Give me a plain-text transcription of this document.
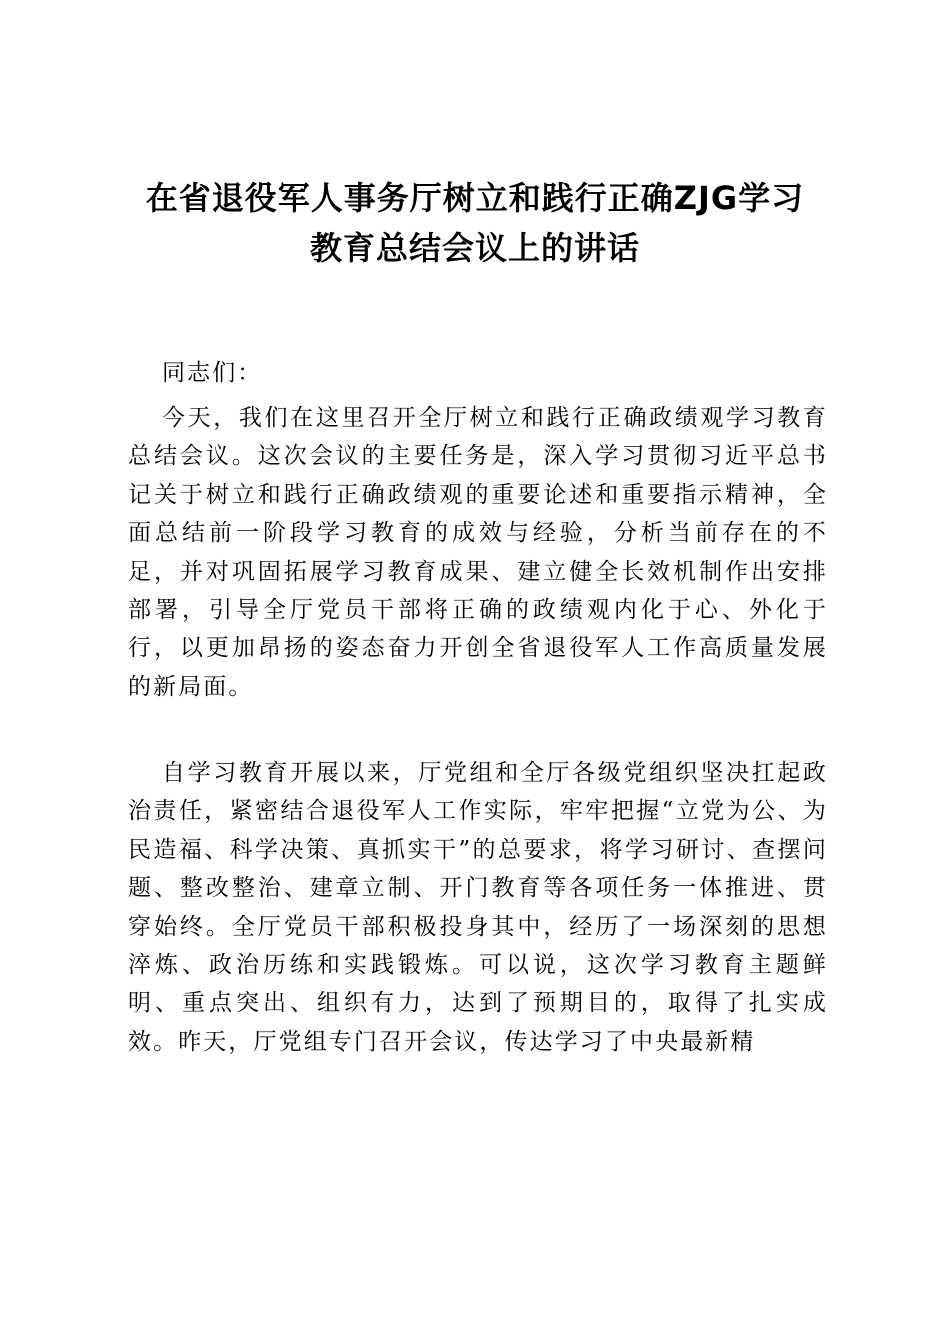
在省退役军人事务厅树立和践行正确ZJG学习
教育总结会议上的讲话

同志们：

今天，我们在这里召开全厅树立和践行正确政绩观学习教育总结会议。这次会议的主要任务是，深入学习贯彻习近平总书记关于树立和践行正确政绩观的重要论述和重要指示精神，全面总结前一阶段学习教育的成效与经验，分析当前存在的不足，并对巩固拓展学习教育成果、建立健全长效机制作出安排部署，引导全厅党员干部将正确的政绩观内化于心、外化于行，以更加昂扬的姿态奋力开创全省退役军人工作高质量发展的新局面。

自学习教育开展以来，厅党组和全厅各级党组织坚决扛起政治责任，紧密结合退役军人工作实际，牢牢把握“立党为公、为民造福、科学决策、真抓实干”的总要求，将学习研讨、查摆问题、整改整治、建章立制、开门教育等各项任务一体推进、贯穿始终。全厅党员干部积极投身其中，经历了一场深刻的思想淬炼、政治历练和实践锻炼。可以说，这次学习教育主题鲜明、重点突出、组织有力，达到了预期目的，取得了扎实成效。昨天，厅党组专门召开会议，传达学习了中央最新精
